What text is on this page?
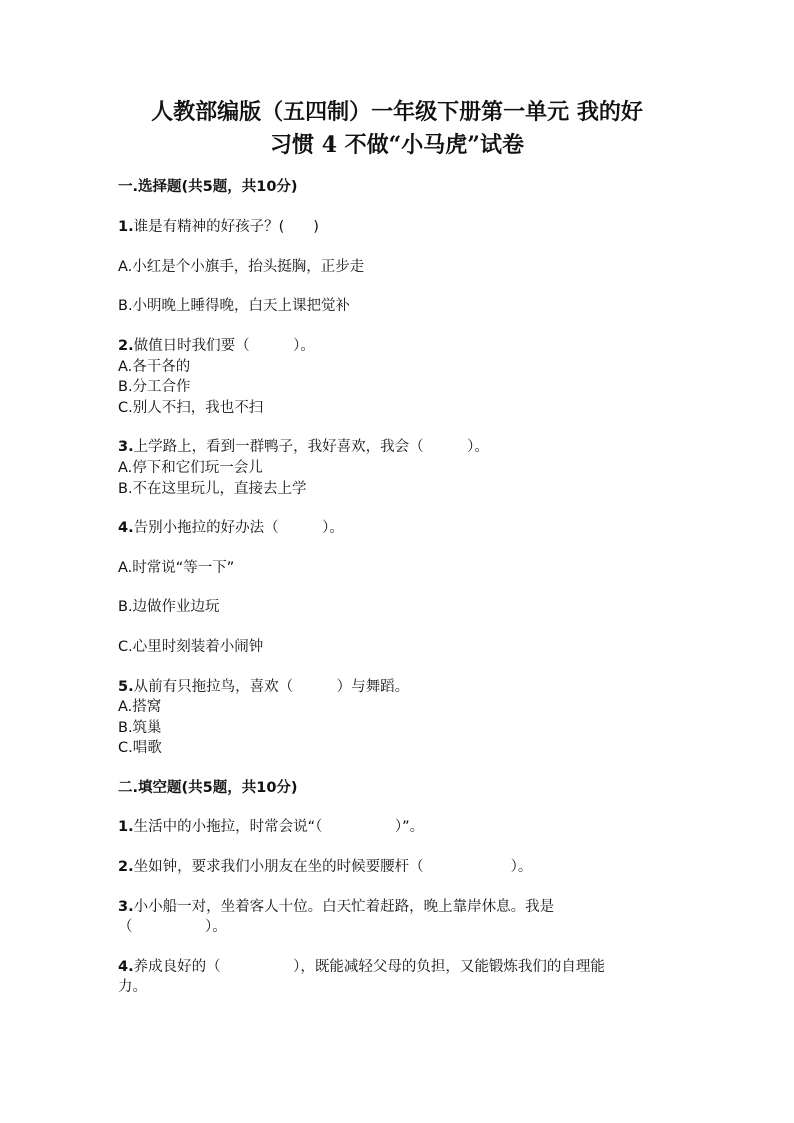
人教部编版（五四制）一年级下册第一单元 我的好
习惯 4 不做“小马虎”试卷
一.选择题(共5题，共10分)
1.谁是有精神的好孩子？(　　)
A.小红是个小旗手，抬头挺胸，正步走
B.小明晚上睡得晚，白天上课把觉补
2.做值日时我们要（　　　）。
A.各干各的
B.分工合作
C.别人不扫，我也不扫
3.上学路上，看到一群鸭子，我好喜欢，我会（　　　）。
A.停下和它们玩一会儿
B.不在这里玩儿，直接去上学
4.告别小拖拉的好办法（　　　）。
A.时常说“等一下”
B.边做作业边玩
C.心里时刻装着小闹钟
5.从前有只拖拉鸟，喜欢（　　　）与舞蹈。
A.搭窝
B.筑巢
C.唱歌
二.填空题(共5题，共10分)
1.生活中的小拖拉，时常会说“（　　　　　）”。
2.坐如钟，要求我们小朋友在坐的时候要腰杆（　　　　　　）。
3.小小船一对，坐着客人十位。白天忙着赶路，晚上靠岸休息。我是
（　　　　　）。
4.养成良好的（　　　　　），既能减轻父母的负担，又能锻炼我们的自理能
力。
